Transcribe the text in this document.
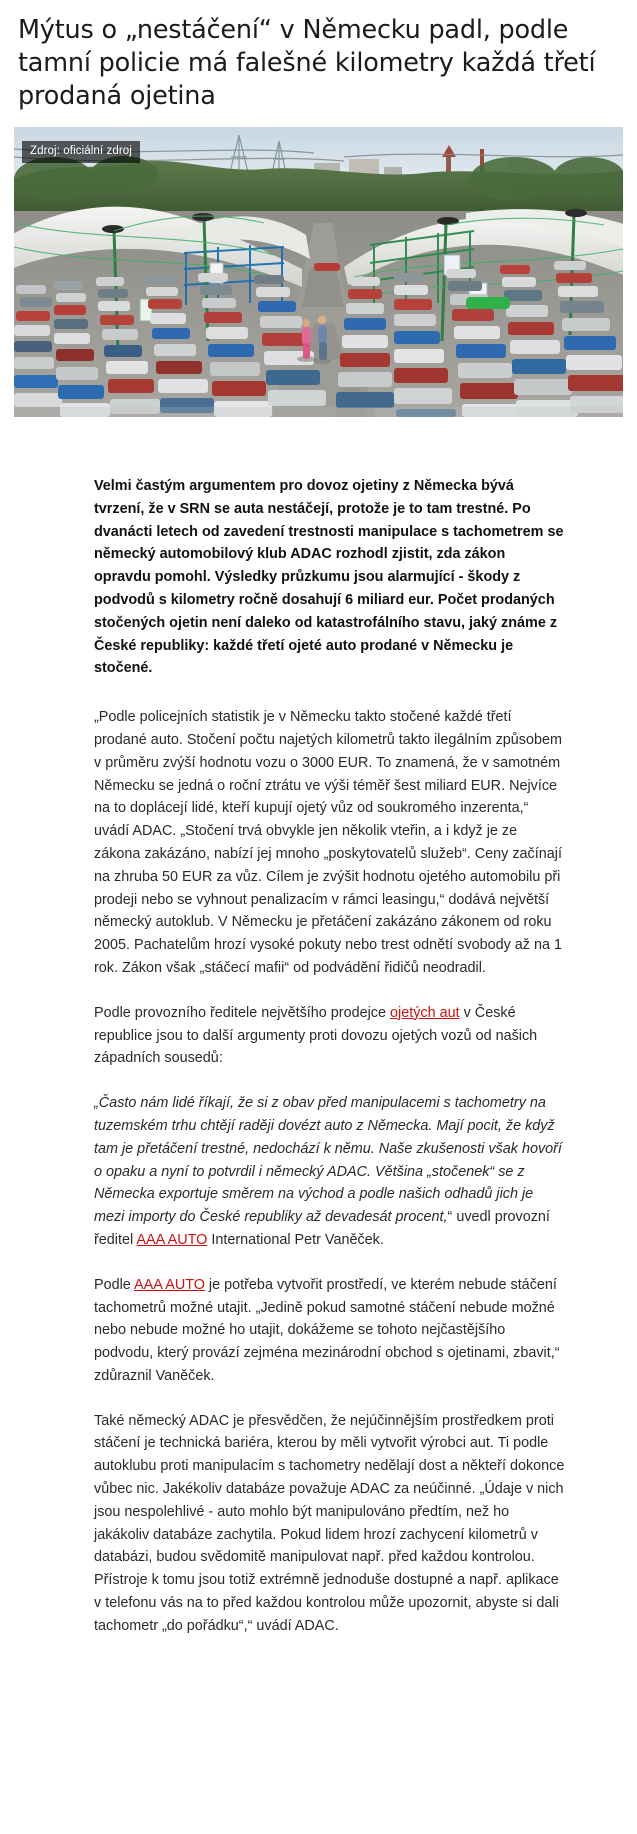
Mýtus o „nestáčení“ v Německu padl, podle tamní policie má falešné kilometry každá třetí prodaná ojetina
Zdroj: oficiální zdroj

Velmi častým argumentem pro dovoz ojetiny z Německa bývá tvrzení, že v SRN se auta nestáčejí, protože je to tam trestné. Po dvanácti letech od zavedení trestnosti manipulace s tachometrem se německý automobilový klub ADAC rozhodl zjistit, zda zákon opravdu pomohl. Výsledky průzkumu jsou alarmující - škody z podvodů s kilometry ročně dosahují 6 miliard eur. Počet prodaných stočených ojetin není daleko od katastrofálního stavu, jaký známe z České republiky: každé třetí ojeté auto prodané v Německu je stočené.

„Podle policejních statistik je v Německu takto stočené každé třetí prodané auto. Stočení počtu najetých kilometrů takto ilegálním způsobem v průměru zvýší hodnotu vozu o 3000 EUR. To znamená, že v samotném Německu se jedná o roční ztrátu ve výši téměř šest miliard EUR. Nejvíce na to doplácejí lidé, kteří kupují ojetý vůz od soukromého inzerenta,“ uvádí ADAC. „Stočení trvá obvykle jen několik vteřin, a i když je ze zákona zakázáno, nabízí jej mnoho „poskytovatelů služeb“. Ceny začínají na zhruba 50 EUR za vůz. Cílem je zvýšit hodnotu ojetého automobilu při prodeji nebo se vyhnout penalizacím v rámci leasingu,“ dodává největší německý autoklub. V Německu je přetáčení zakázáno zákonem od roku 2005. Pachatelům hrozí vysoké pokuty nebo trest odnětí svobody až na 1 rok. Zákon však „stáčecí mafii“ od podvádění řidičů neodradil.

Podle provozního ředitele největšího prodejce ojetých aut v České republice jsou to další argumenty proti dovozu ojetých vozů od našich západních sousedů:

„Často nám lidé říkají, že si z obav před manipulacemi s tachometry na tuzemském trhu chtějí raději dovézt auto z Německa. Mají pocit, že když tam je přetáčení trestné, nedochází k němu. Naše zkušenosti však hovoří o opaku a nyní to potvrdil i německý ADAC. Většina „stočenek“ se z Německa exportuje směrem na východ a podle našich odhadů jich je mezi importy do České republiky až devadesát procent,“ uvedl provozní ředitel AAA AUTO International Petr Vaněček.

Podle AAA AUTO je potřeba vytvořit prostředí, ve kterém nebude stáčení tachometrů možné utajit. „Jedině pokud samotné stáčení nebude možné nebo nebude možné ho utajit, dokážeme se tohoto nejčastějšího podvodu, který provází zejména mezinárodní obchod s ojetinami, zbavit,“ zdůraznil Vaněček.

Také německý ADAC je přesvědčen, že nejúčinnějším prostředkem proti stáčení je technická bariéra, kterou by měli vytvořit výrobci aut. Ti podle autoklubu proti manipulacím s tachometry nedělají dost a někteří dokonce vůbec nic. Jakékoliv databáze považuje ADAC za neúčinné. „Údaje v nich jsou nespolehlivé - auto mohlo být manipulováno předtím, než ho jakákoliv databáze zachytila. Pokud lidem hrozí zachycení kilometrů v databázi, budou svědomitě manipulovat např. před každou kontrolou. Přístroje k tomu jsou totiž extrémně jednoduše dostupné a např. aplikace v telefonu vás na to před každou kontrolou může upozornit, abyste si dali tachometr „do pořádku“,“ uvádí ADAC.
